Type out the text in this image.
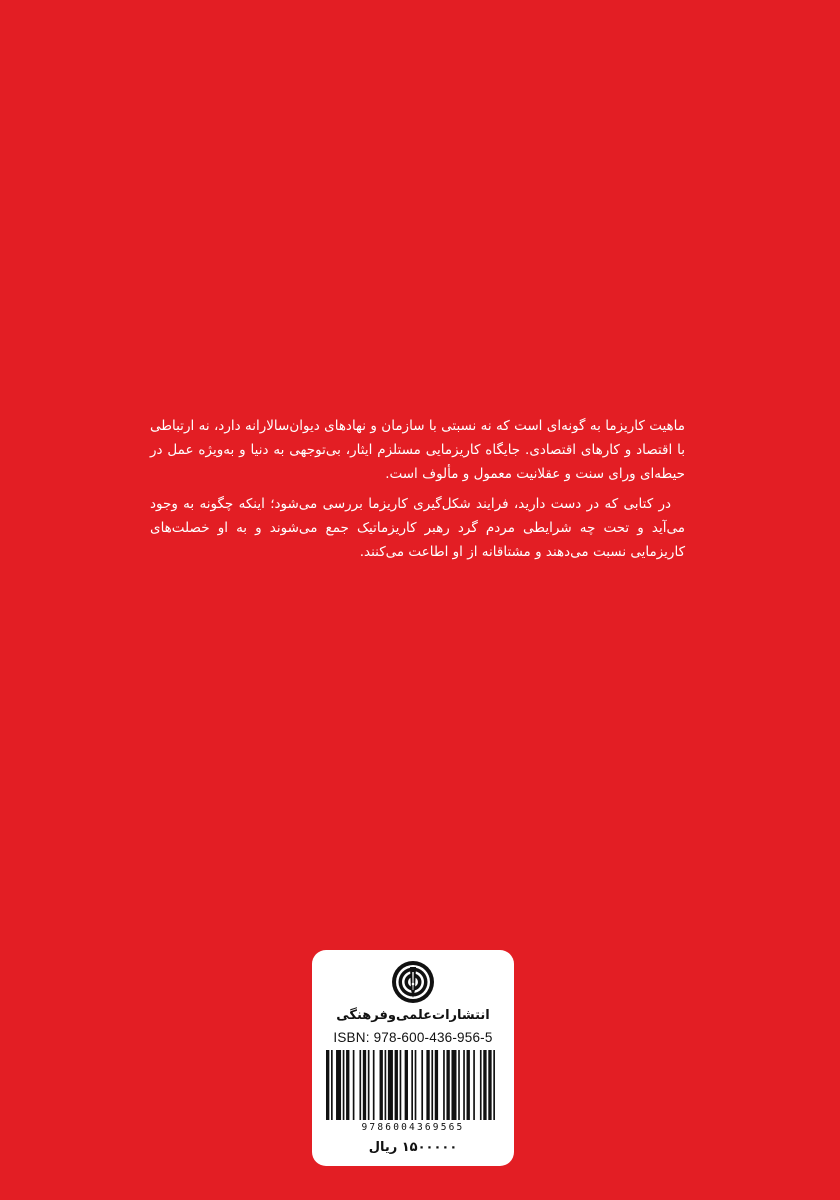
ماهیت کاریزما به گونه‌ای است که نه نسبتی با سازمان و نهادهای دیوان‌سالارانه دارد، نه ارتباطی با اقتصاد و کارهای اقتصادی. جایگاه کاریزمایی مستلزم ایثار، بی‌توجهی به دنیا و به‌ویژه عمل در حیطه‌ای ورای سنت و عقلانیت معمول و مألوف است.

در کتابی که در دست دارید، فرایند شکل‌گیری کاریزما بررسی می‌شود؛ اینکه چگونه به وجود می‌آید و تحت چه شرایطی مردم گرد رهبر کاریزماتیک جمع می‌شوند و به او خصلت‌های کاریزمایی نسبت می‌دهند و مشتاقانه از او اطاعت می‌کنند.

انتشارات‌علمی‌وفرهنگی
ISBN: 978-600-436-956-5
9786004369565
۱۵۰۰۰۰۰ ریال
